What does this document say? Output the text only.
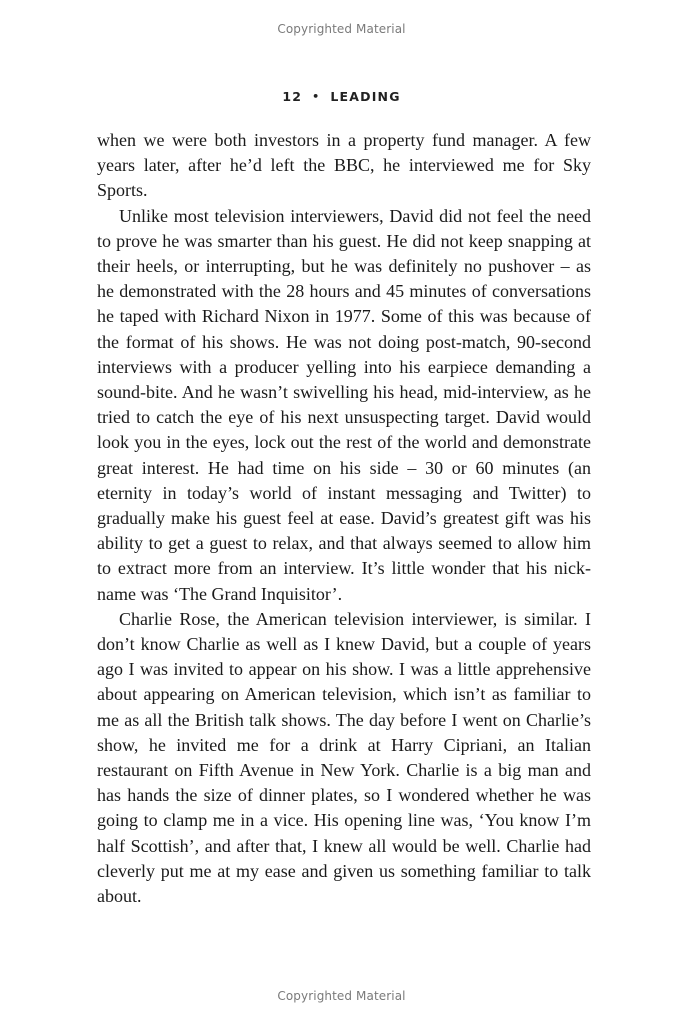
Copyrighted Material
12 • LEADING

when we were both investors in a property fund manager. A few years later, after he’d left the BBC, he interviewed me for Sky Sports.

Unlike most television interviewers, David did not feel the need to prove he was smarter than his guest. He did not keep snapping at their heels, or interrupting, but he was definitely no pushover – as he demonstrated with the 28 hours and 45 minutes of conversations he taped with Richard Nixon in 1977. Some of this was because of the format of his shows. He was not doing post-match, 90-second interviews with a producer yelling into his earpiece demanding a sound-bite. And he wasn’t swivelling his head, mid-interview, as he tried to catch the eye of his next unsuspecting target. David would look you in the eyes, lock out the rest of the world and demonstrate great interest. He had time on his side – 30 or 60 minutes (an eternity in today’s world of instant messaging and Twitter) to gradually make his guest feel at ease. David’s greatest gift was his ability to get a guest to relax, and that always seemed to allow him to extract more from an interview. It’s little wonder that his nickname was ‘The Grand Inquisitor’.

Charlie Rose, the American television interviewer, is similar. I don’t know Charlie as well as I knew David, but a couple of years ago I was invited to appear on his show. I was a little apprehensive about appearing on American television, which isn’t as familiar to me as all the British talk shows. The day before I went on Charlie’s show, he invited me for a drink at Harry Cipriani, an Italian restaurant on Fifth Avenue in New York. Charlie is a big man and has hands the size of dinner plates, so I wondered whether he was going to clamp me in a vice. His opening line was, ‘You know I’m half Scottish’, and after that, I knew all would be well. Charlie had cleverly put me at my ease and given us something familiar to talk about.

Copyrighted Material
